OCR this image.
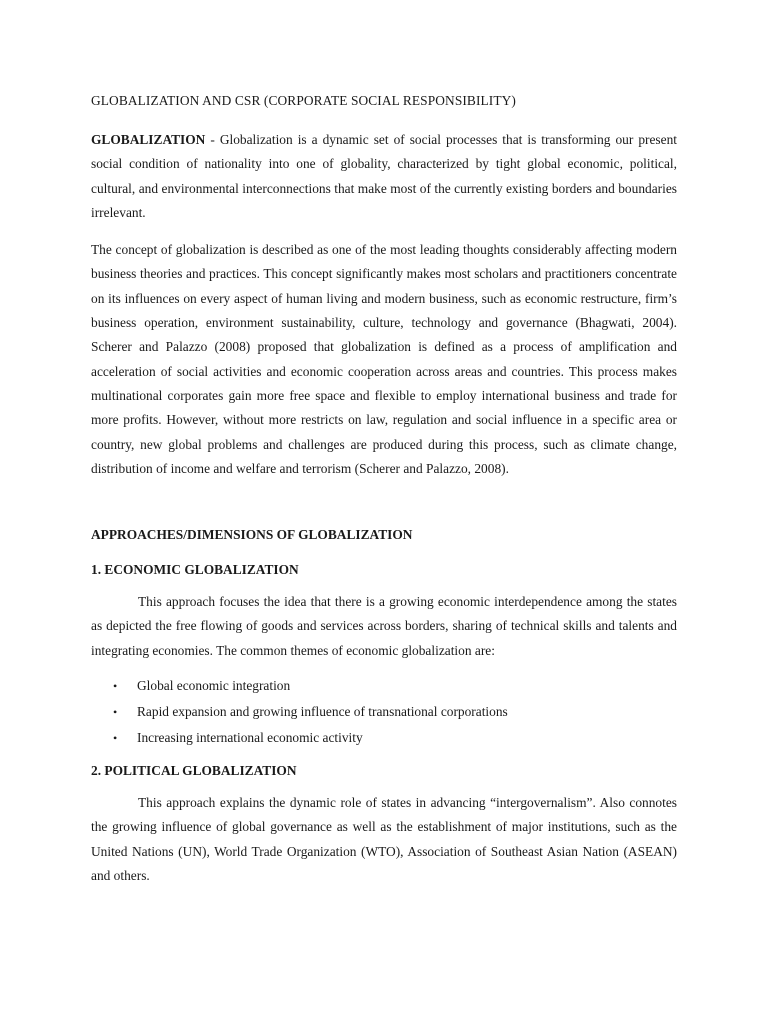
GLOBALIZATION AND CSR (CORPORATE SOCIAL RESPONSIBILITY)

GLOBALIZATION - Globalization is a dynamic set of social processes that is transforming our present social condition of nationality into one of globality, characterized by tight global economic, political, cultural, and environmental interconnections that make most of the currently existing borders and boundaries irrelevant.

The concept of globalization is described as one of the most leading thoughts considerably affecting modern business theories and practices. This concept significantly makes most scholars and practitioners concentrate on its influences on every aspect of human living and modern business, such as economic restructure, firm’s business operation, environment sustainability, culture, technology and governance (Bhagwati, 2004). Scherer and Palazzo (2008) proposed that globalization is defined as a process of amplification and acceleration of social activities and economic cooperation across areas and countries. This process makes multinational corporates gain more free space and flexible to employ international business and trade for more profits. However, without more restricts on law, regulation and social influence in a specific area or country, new global problems and challenges are produced during this process, such as climate change, distribution of income and welfare and terrorism (Scherer and Palazzo, 2008).

APPROACHES/DIMENSIONS OF GLOBALIZATION
1. ECONOMIC GLOBALIZATION

This approach focuses the idea that there is a growing economic interdependence among the states as depicted the free flowing of goods and services across borders, sharing of technical skills and talents and integrating economies. The common themes of economic globalization are:

• Global economic integration
• Rapid expansion and growing influence of transnational corporations
• Increasing international economic activity
2. POLITICAL GLOBALIZATION

This approach explains the dynamic role of states in advancing “intergovernalism”. Also connotes the growing influence of global governance as well as the establishment of major institutions, such as the United Nations (UN), World Trade Organization (WTO), Association of Southeast Asian Nation (ASEAN) and others.
